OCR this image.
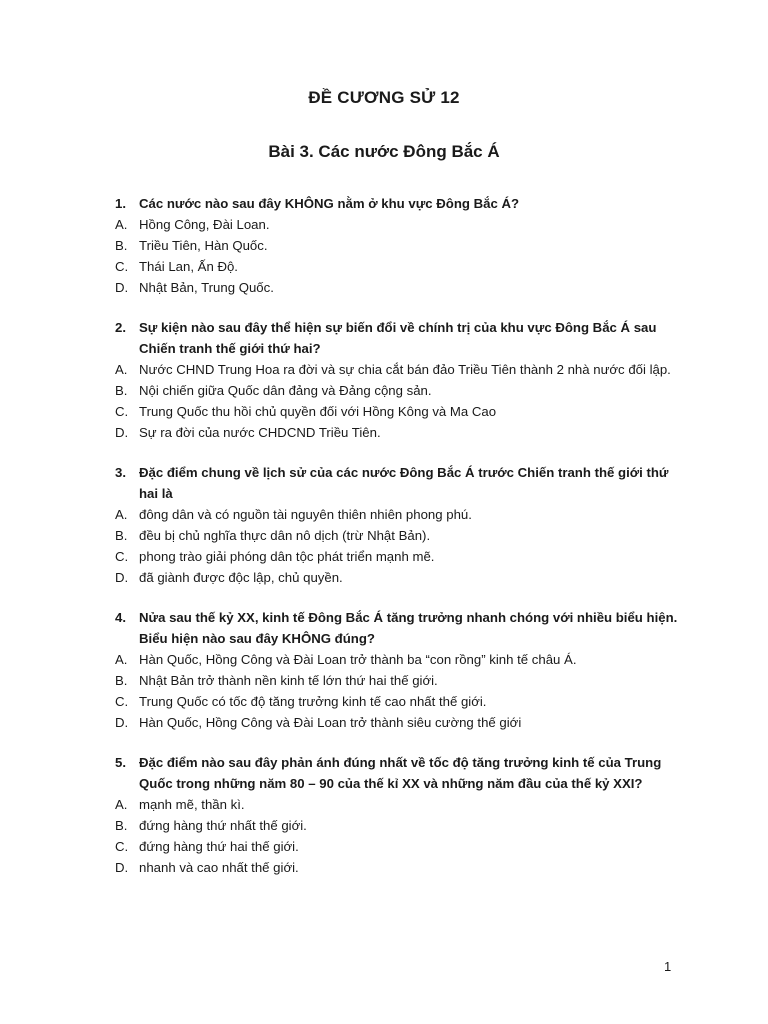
ĐỀ CƯƠNG SỬ 12
Bài 3. Các nước Đông Bắc Á
1. Các nước nào sau đây KHÔNG nằm ở khu vực Đông Bắc Á?
A. Hồng Công, Đài Loan.
B. Triều Tiên, Hàn Quốc.
C. Thái Lan, Ấn Độ.
D. Nhật Bản, Trung Quốc.
2. Sự kiện nào sau đây thể hiện sự biến đổi về chính trị của khu vực Đông Bắc Á sau Chiến tranh thế giới thứ hai?
A. Nước CHND Trung Hoa ra đời và sự chia cắt bán đảo Triều Tiên thành 2 nhà nước đối lập.
B. Nội chiến giữa Quốc dân đảng và Đảng cộng sản.
C. Trung Quốc thu hồi chủ quyền đối với Hồng Kông và Ma Cao
D. Sự ra đời của nước CHDCND Triều Tiên.
3. Đặc điểm chung về lịch sử của các nước Đông Bắc Á trước Chiến tranh thế giới thứ hai là
A. đông dân và có nguồn tài nguyên thiên nhiên phong phú.
B. đều bị chủ nghĩa thực dân nô dịch (trừ Nhật Bản).
C. phong trào giải phóng dân tộc phát triển mạnh mẽ.
D. đã giành được độc lập, chủ quyền.
4. Nửa sau thế kỷ XX, kinh tế Đông Bắc Á tăng trưởng nhanh chóng với nhiều biểu hiện. Biểu hiện nào sau đây KHÔNG đúng?
A. Hàn Quốc, Hồng Công và Đài Loan trở thành ba “con rồng” kinh tế châu Á.
B. Nhật Bản trở thành nền kinh tế lớn thứ hai thế giới.
C. Trung Quốc có tốc độ tăng trưởng kinh tế cao nhất thế giới.
D. Hàn Quốc, Hồng Công và Đài Loan trở thành siêu cường thế giới
5. Đặc điểm nào sau đây phản ánh đúng nhất về tốc độ tăng trưởng kinh tế của Trung Quốc trong những năm 80 – 90 của thế kỉ XX và những năm đầu của thế kỷ XXI?
A. mạnh mẽ, thần kì.
B. đứng hàng thứ nhất thế giới.
C. đứng hàng thứ hai thế giới.
D. nhanh và cao nhất thế giới.
1
